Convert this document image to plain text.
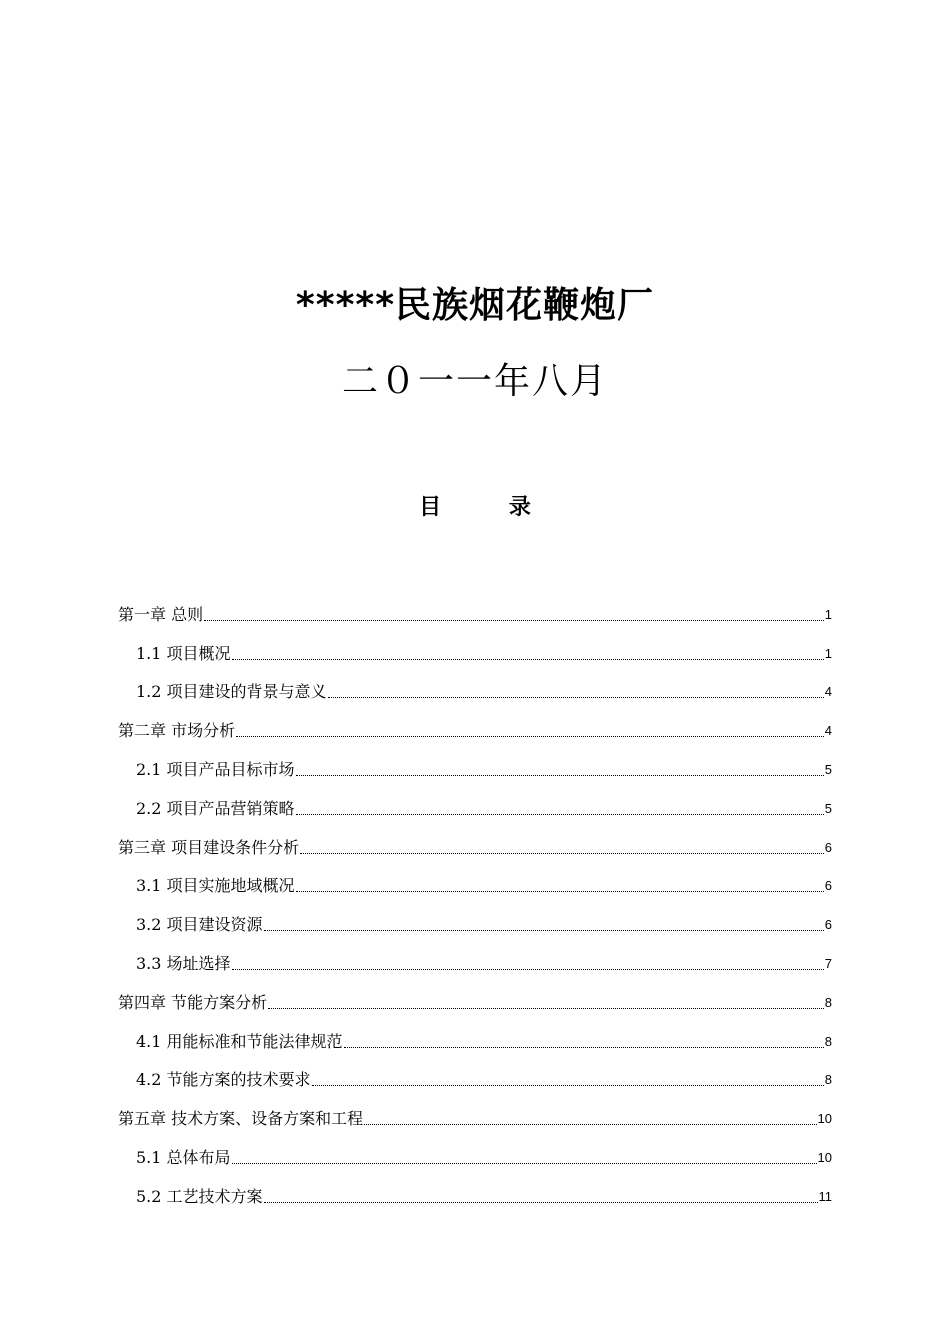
*****民族烟花鞭炮厂
二０一一年八月
目 录
第一章 总则	1
1.1 项目概况	1
1.2 项目建设的背景与意义	4
第二章 市场分析	4
2.1 项目产品目标市场	5
2.2 项目产品营销策略	5
第三章 项目建设条件分析	6
3.1 项目实施地域概况	6
3.2 项目建设资源	6
3.3 场址选择	7
第四章 节能方案分析	8
4.1 用能标准和节能法律规范	8
4.2 节能方案的技术要求	8
第五章 技术方案、设备方案和工程	10
5.1 总体布局	10
5.2 工艺技术方案	11
